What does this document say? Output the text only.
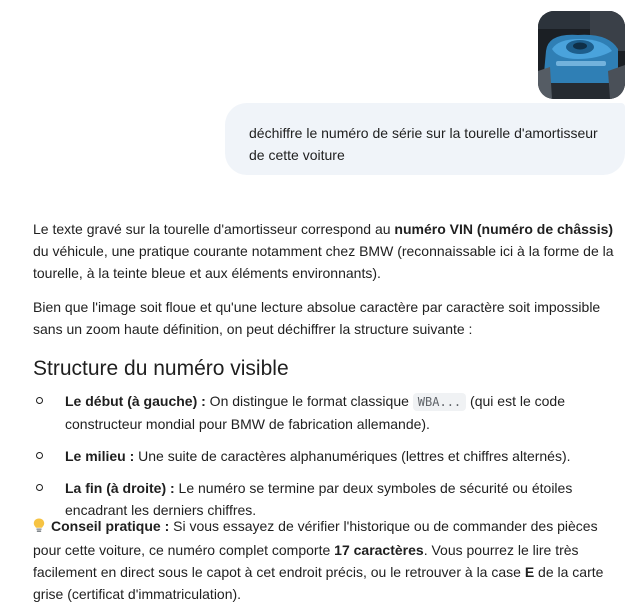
déchiffre le numéro de série sur la tourelle d'amortisseur de cette voiture

Le texte gravé sur la tourelle d'amortisseur correspond au numéro VIN (numéro de châssis) du véhicule, une pratique courante notamment chez BMW (reconnaissable ici à la forme de la tourelle, à la teinte bleue et aux éléments environnants).

Bien que l'image soit floue et qu'une lecture absolue caractère par caractère soit impossible sans un zoom haute définition, on peut déchiffrer la structure suivante :

Structure du numéro visible
Le début (à gauche) : On distingue le format classique WBA... (qui est le code constructeur mondial pour BMW de fabrication allemande).
Le milieu : Une suite de caractères alphanumériques (lettres et chiffres alternés).
La fin (à droite) : Le numéro se termine par deux symboles de sécurité ou étoiles encadrant les derniers chiffres.

Conseil pratique : Si vous essayez de vérifier l'historique ou de commander des pièces pour cette voiture, ce numéro complet comporte 17 caractères. Vous pourrez le lire très facilement en direct sous le capot à cet endroit précis, ou le retrouver à la case E de la carte grise (certificat d'immatriculation).
